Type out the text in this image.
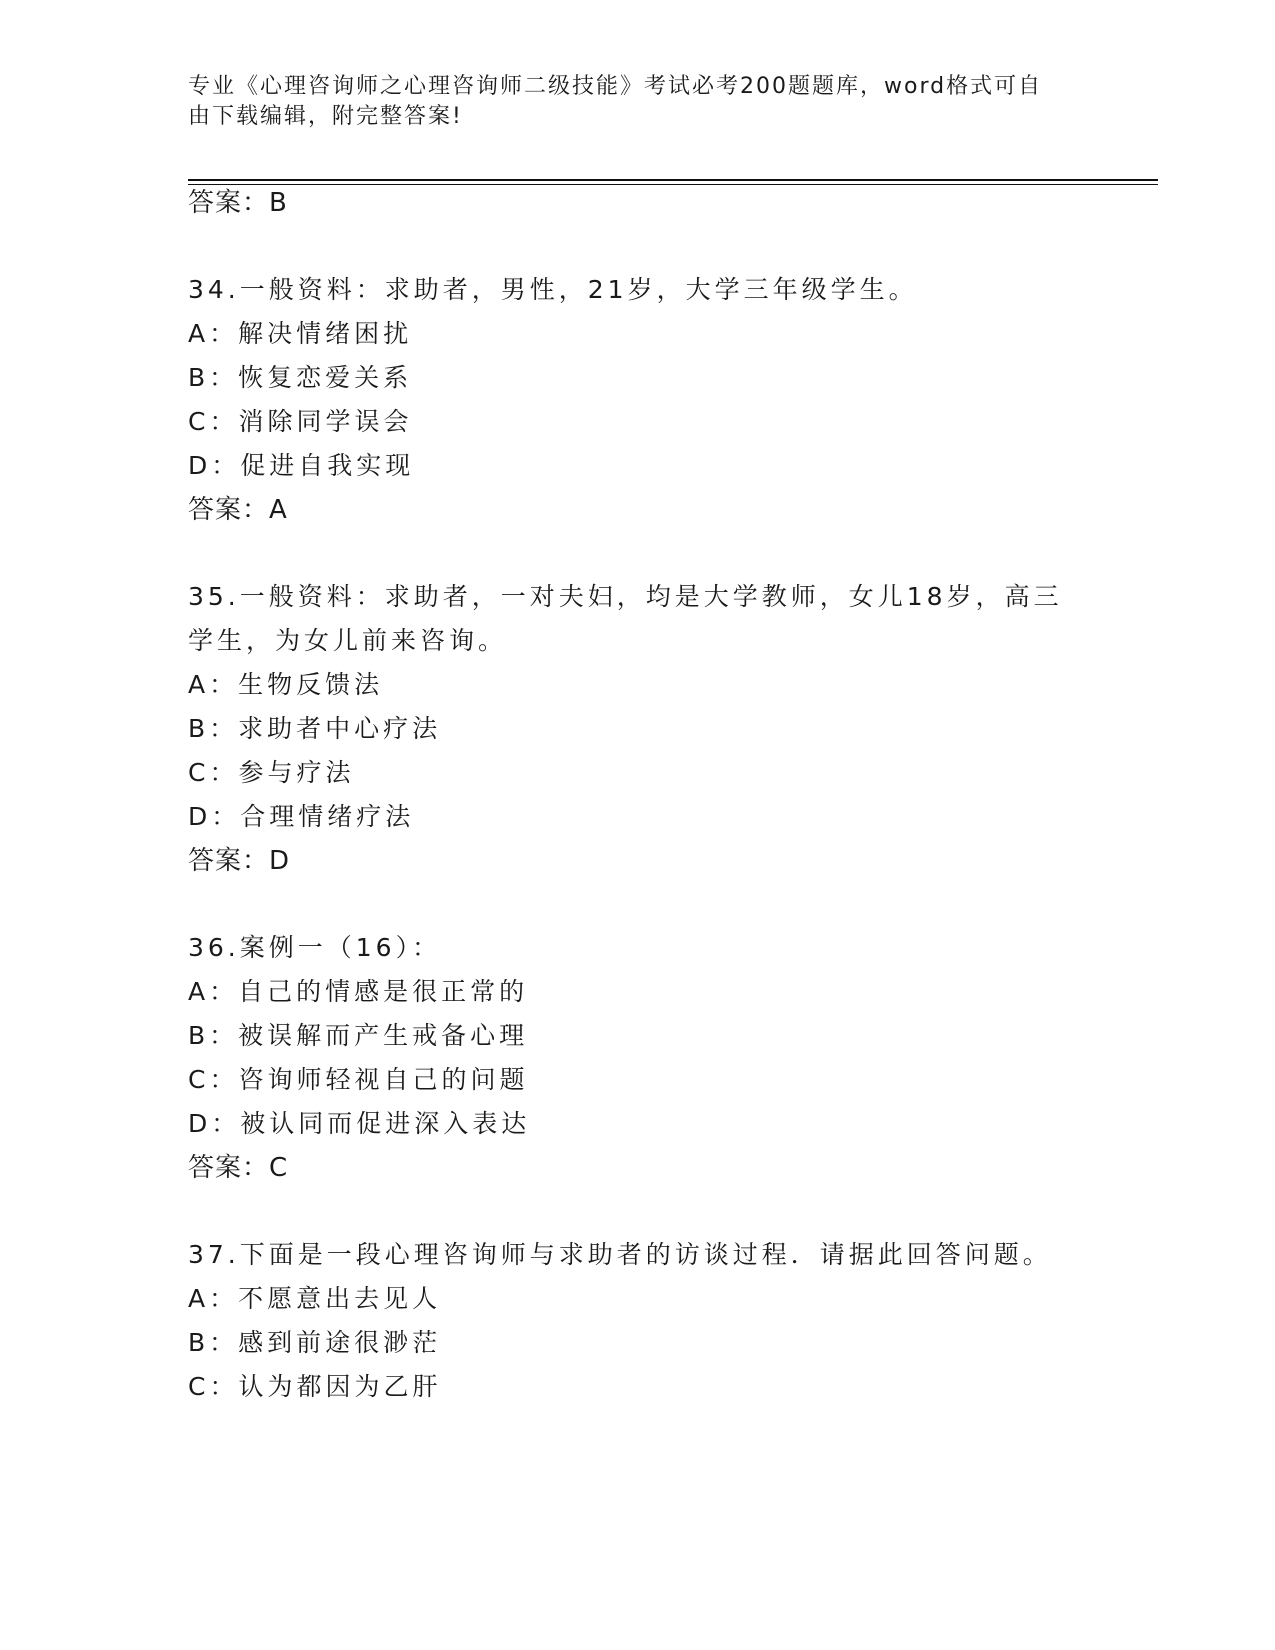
专业《心理咨询师之心理咨询师二级技能》考试必考200题题库，word格式可自
由下载编辑，附完整答案!
答案：B
34.一般资料：求助者，男性，21岁，大学三年级学生。
A：解决情绪困扰
B：恢复恋爱关系
C：消除同学误会
D：促进自我实现
答案：A
35.一般资料：求助者，一对夫妇，均是大学教师，女儿18岁，高三
学生，为女儿前来咨询。
A：生物反馈法
B：求助者中心疗法
C：参与疗法
D：合理情绪疗法
答案：D
36.案例一（16）：
A：自己的情感是很正常的
B：被误解而产生戒备心理
C：咨询师轻视自己的问题
D：被认同而促进深入表达
答案：C
37.下面是一段心理咨询师与求助者的访谈过程．请据此回答问题。
A：不愿意出去见人
B：感到前途很渺茫
C：认为都因为乙肝
